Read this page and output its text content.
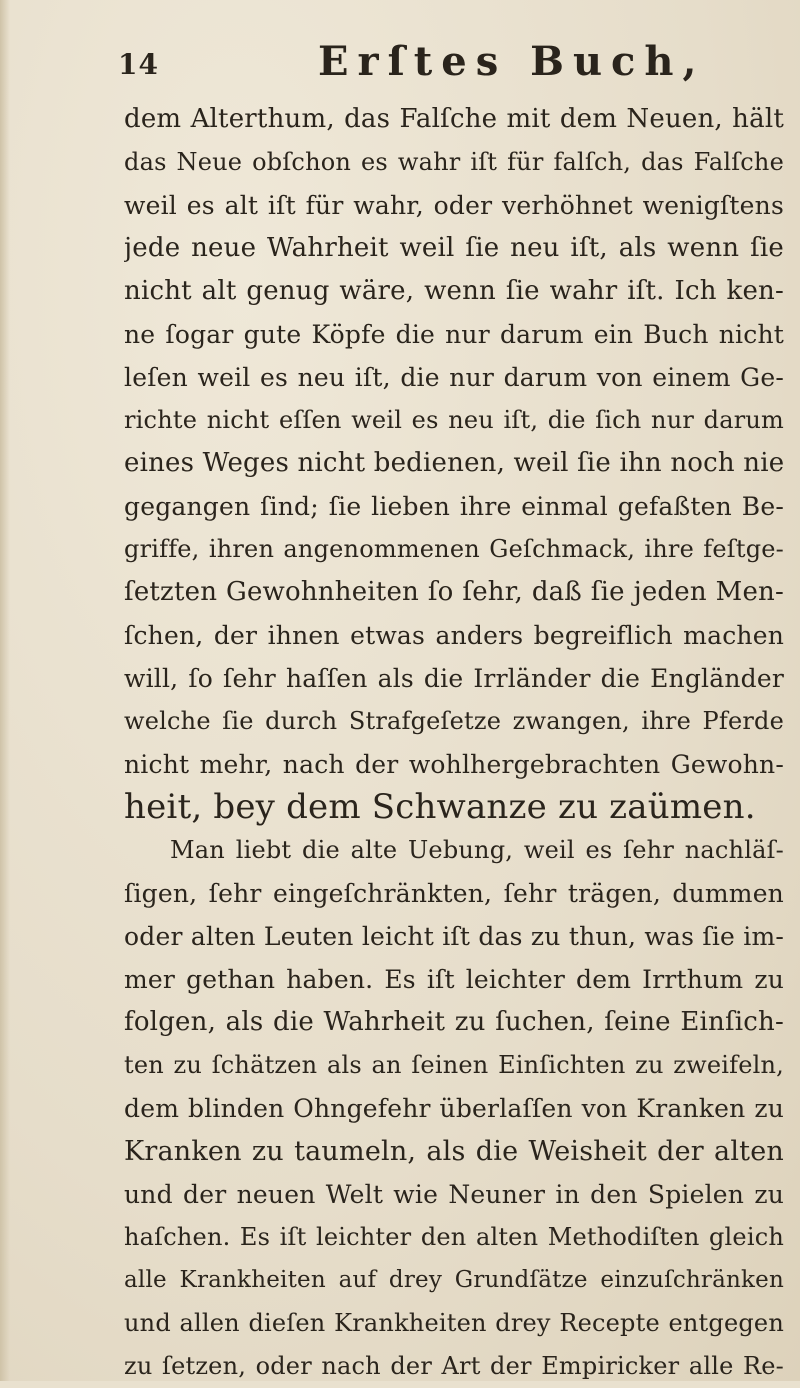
14	Erſtes Buch,
dem Alterthum, das Falſche mit dem Neuen, hält
das Neue obſchon es wahr iſt für falſch, das Falſche
weil es alt iſt für wahr, oder verhöhnet wenigſtens
jede neue Wahrheit weil ſie neu iſt, als wenn ſie
nicht alt genug wäre, wenn ſie wahr iſt. Ich ken-
ne ſogar gute Köpfe die nur darum ein Buch nicht
leſen weil es neu iſt, die nur darum von einem Ge-
richte nicht eſſen weil es neu iſt, die ſich nur darum
eines Weges nicht bedienen, weil ſie ihn noch nie
gegangen ſind; ſie lieben ihre einmal gefaßten Be-
griffe, ihren angenommenen Geſchmack, ihre feſtge-
ſetzten Gewohnheiten ſo ſehr, daß ſie jeden Men-
ſchen, der ihnen etwas anders begreiflich machen
will, ſo ſehr haſſen als die Irrländer die Engländer
welche ſie durch Strafgeſetze zwangen, ihre Pferde
nicht mehr, nach der wohlhergebrachten Gewohn-
heit, bey dem Schwanze zu zaümen.
Man liebt die alte Uebung, weil es ſehr nachläſ-
ſigen, ſehr eingeſchränkten, ſehr trägen, dummen
oder alten Leuten leicht iſt das zu thun, was ſie im-
mer gethan haben. Es iſt leichter dem Irrthum zu
folgen, als die Wahrheit zu ſuchen, ſeine Einſich-
ten zu ſchätzen als an ſeinen Einſichten zu zweifeln,
dem blinden Ohngefehr überlaſſen von Kranken zu
Kranken zu taumeln, als die Weisheit der alten
und der neuen Welt wie Neuner in den Spielen zu
haſchen. Es iſt leichter den alten Methodiſten gleich
alle Krankheiten auf drey Grundſätze einzuſchränken
und allen dieſen Krankheiten drey Recepte entgegen
zu ſetzen, oder nach der Art der Empiricker alle Re-
